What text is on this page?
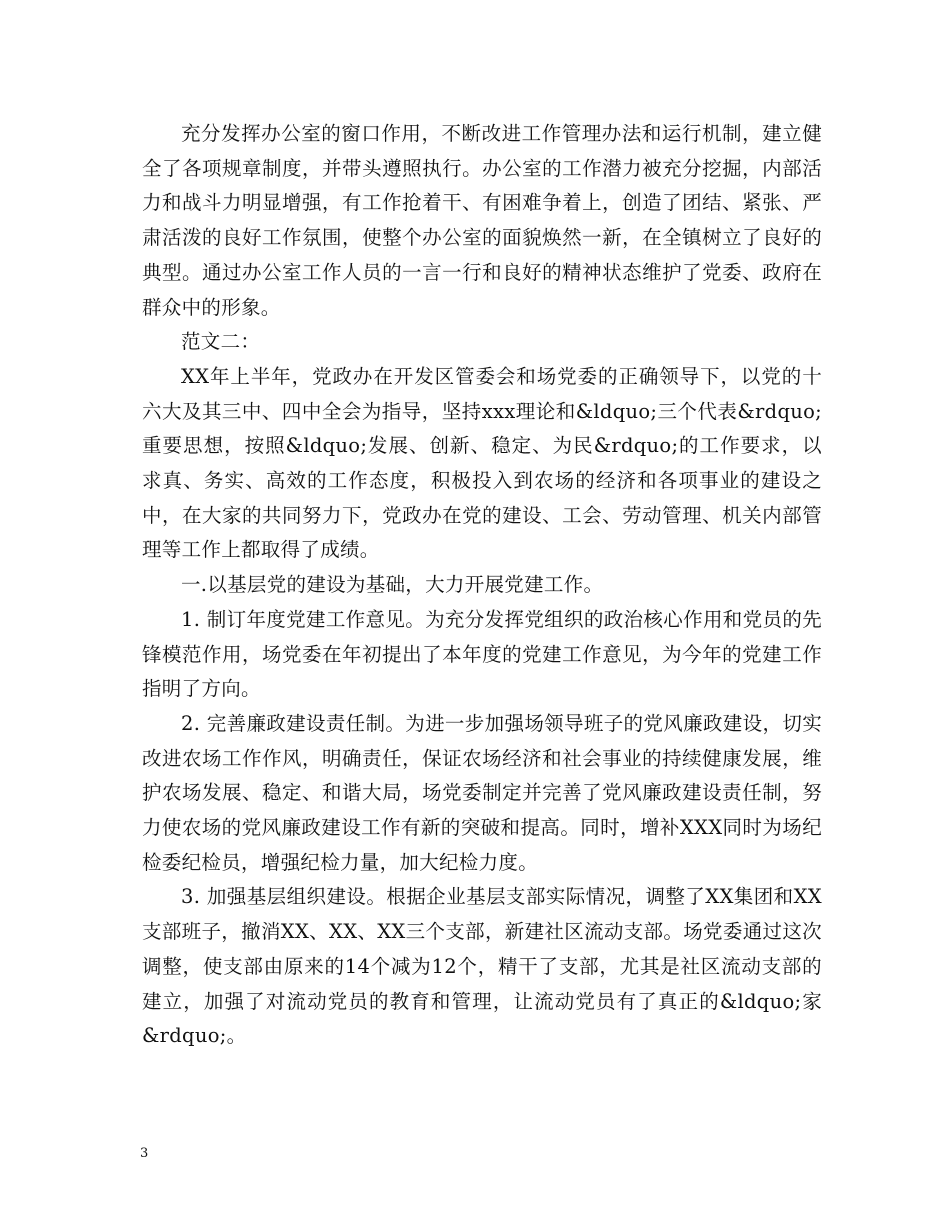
充分发挥办公室的窗口作用，不断改进工作管理办法和运行机制，建立健全了各项规章制度，并带头遵照执行。办公室的工作潜力被充分挖掘，内部活力和战斗力明显增强，有工作抢着干、有困难争着上，创造了团结、紧张、严肃活泼的良好工作氛围，使整个办公室的面貌焕然一新，在全镇树立了良好的典型。通过办公室工作人员的一言一行和良好的精神状态维护了党委、政府在群众中的形象。

范文二：

XX年上半年，党政办在开发区管委会和场党委的正确领导下，以党的十六大及其三中、四中全会为指导，坚持xxx理论和&ldquo;三个代表&rdquo;重要思想，按照&ldquo;发展、创新、稳定、为民&rdquo;的工作要求，以求真、务实、高效的工作态度，积极投入到农场的经济和各项事业的建设之中，在大家的共同努力下，党政办在党的建设、工会、劳动管理、机关内部管理等工作上都取得了成绩。

一.以基层党的建设为基础，大力开展党建工作。

1. 制订年度党建工作意见。为充分发挥党组织的政治核心作用和党员的先锋模范作用，场党委在年初提出了本年度的党建工作意见，为今年的党建工作指明了方向。

2. 完善廉政建设责任制。为进一步加强场领导班子的党风廉政建设，切实改进农场工作作风，明确责任，保证农场经济和社会事业的持续健康发展，维护农场发展、稳定、和谐大局，场党委制定并完善了党风廉政建设责任制，努力使农场的党风廉政建设工作有新的突破和提高。同时，增补XXX同时为场纪检委纪检员，增强纪检力量，加大纪检力度。

3. 加强基层组织建设。根据企业基层支部实际情况，调整了XX集团和XX支部班子，撤消XX、XX、XX三个支部，新建社区流动支部。场党委通过这次调整，使支部由原来的14个减为12个，精干了支部，尤其是社区流动支部的建立，加强了对流动党员的教育和管理，让流动党员有了真正的&ldquo;家&rdquo;。

3
